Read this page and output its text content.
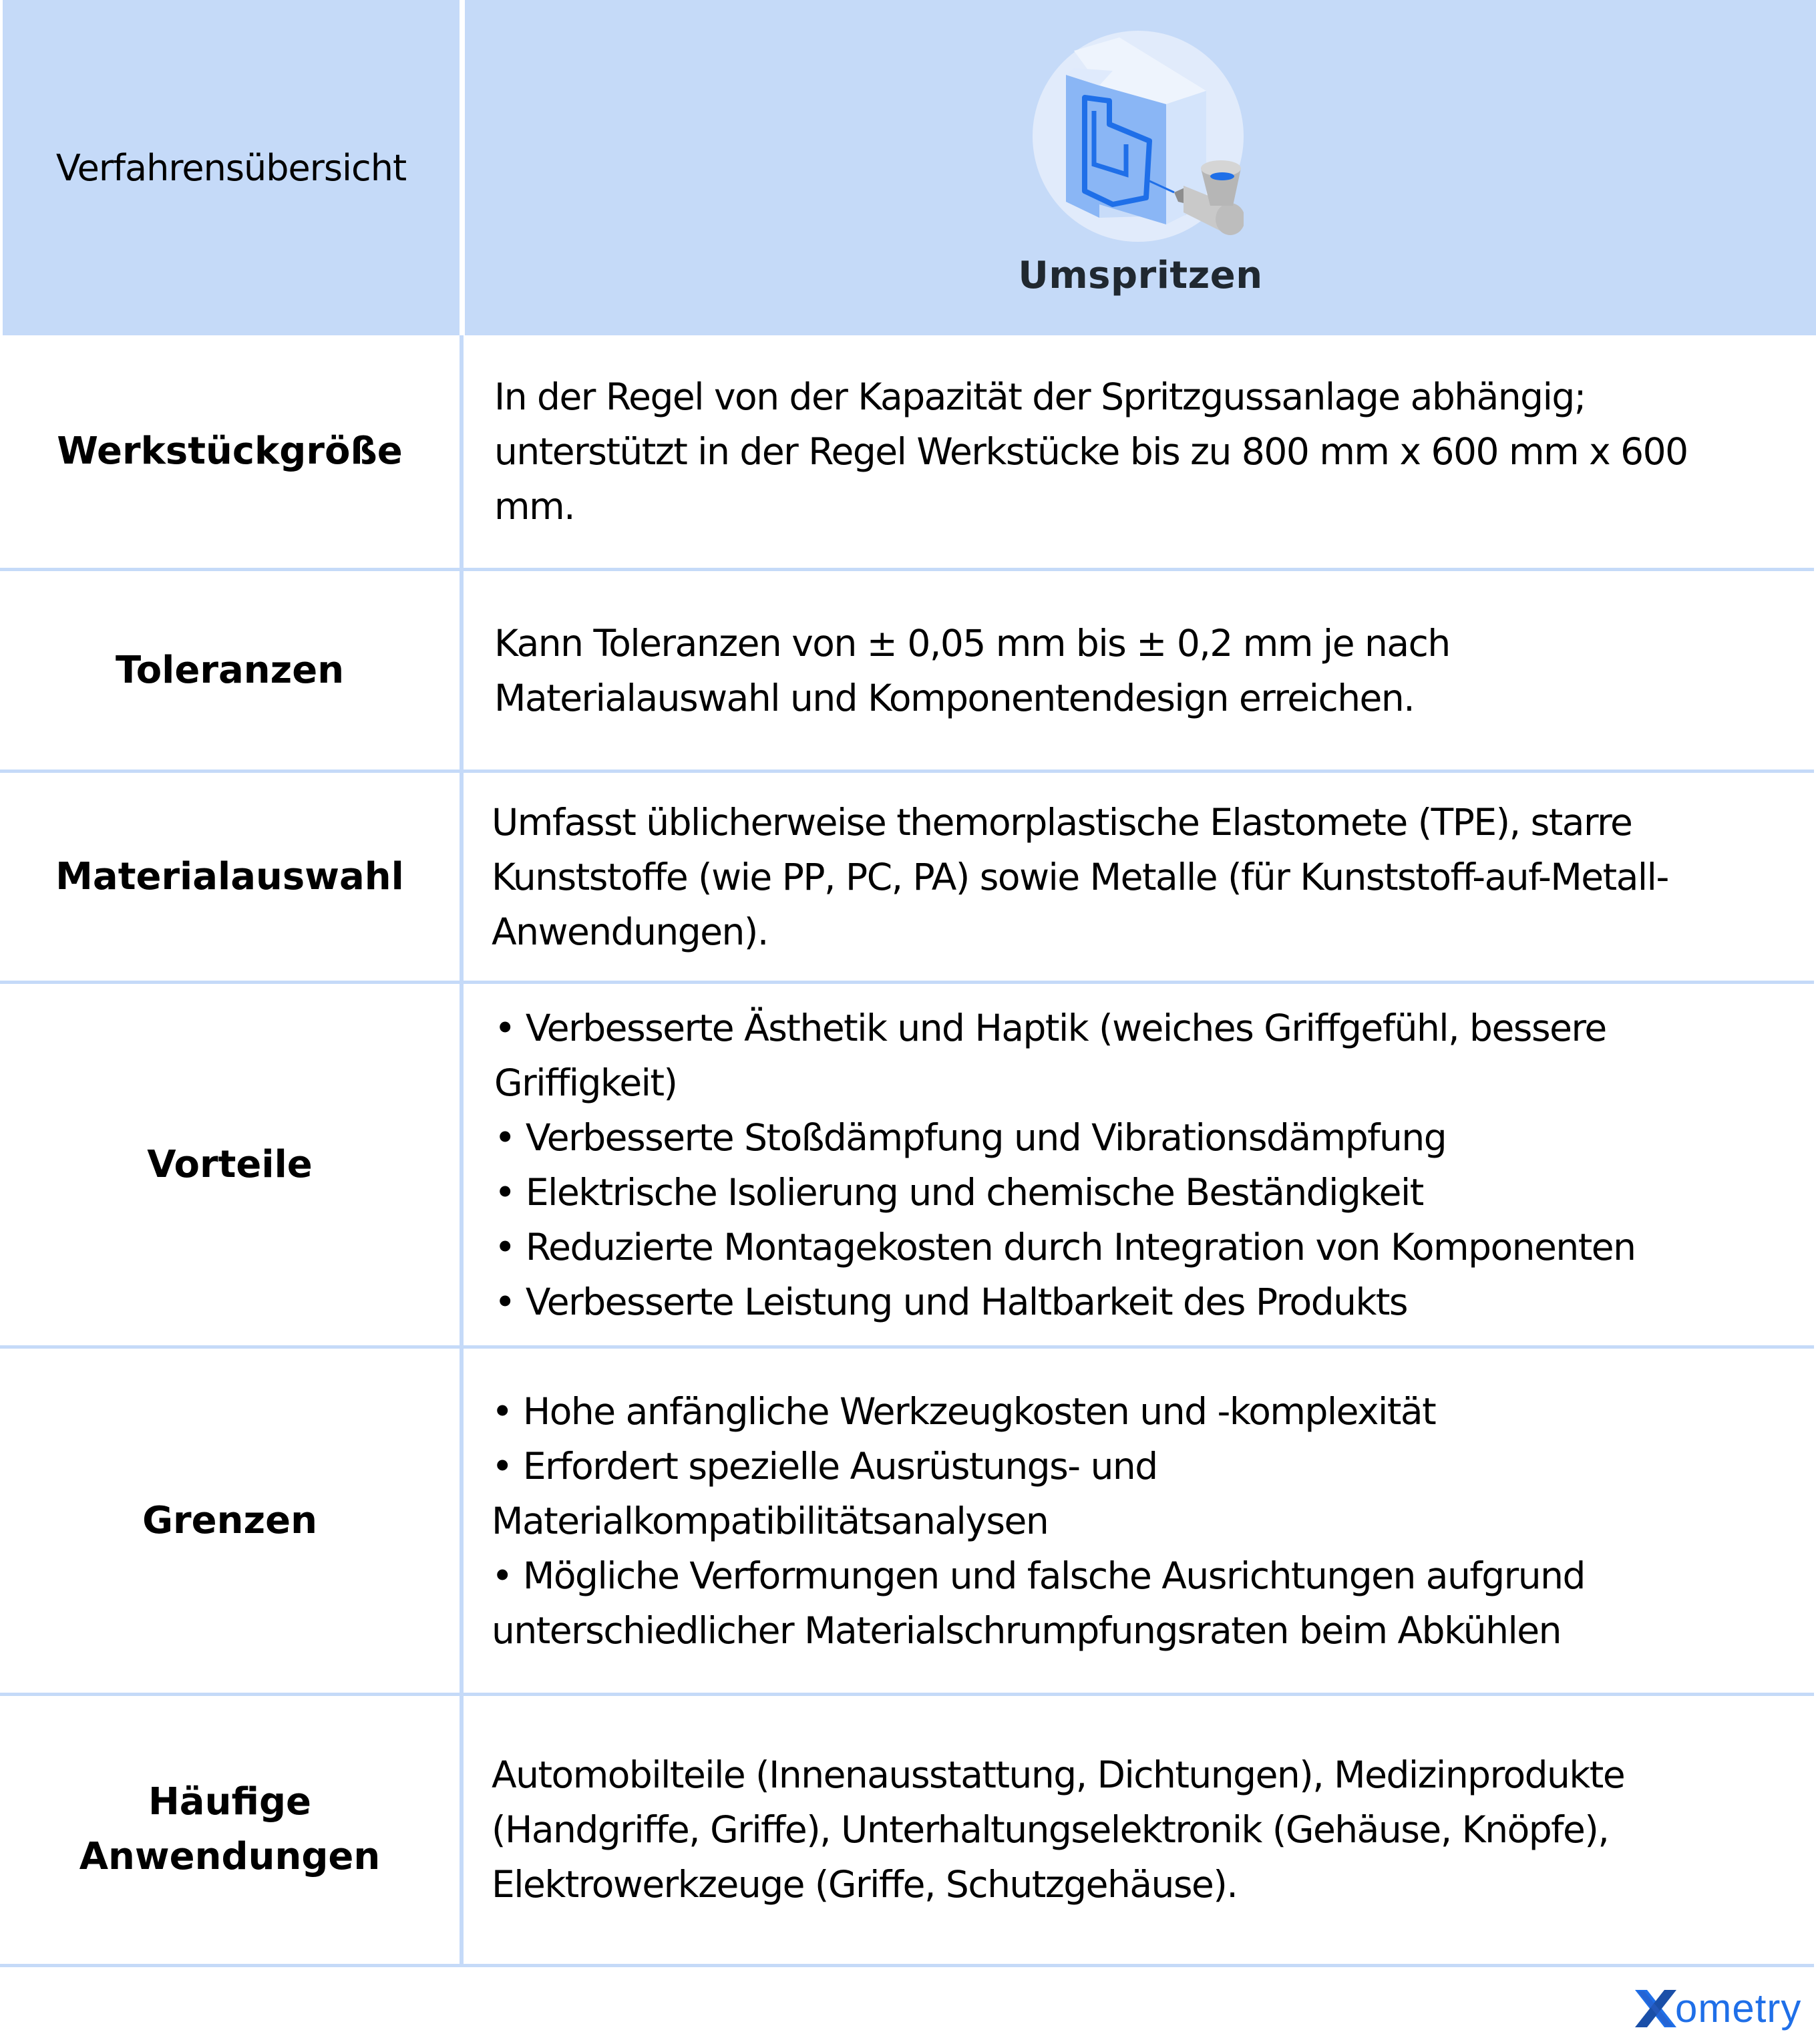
Verfahrensübersicht
Umspritzen
Werkstückgröße
In der Regel von der Kapazität der Spritzgussanlage abhängig;
unterstützt in der Regel Werkstücke bis zu 800 mm x 600 mm x 600
mm.
Toleranzen
Kann Toleranzen von ± 0,05 mm bis ± 0,2 mm je nach
Materialauswahl und Komponentendesign erreichen.
Materialauswahl
Umfasst üblicherweise themorplastische Elastomete (TPE), starre
Kunststoffe (wie PP, PC, PA) sowie Metalle (für Kunststoff-auf-Metall-
Anwendungen).
Vorteile
• Verbesserte Ästhetik und Haptik (weiches Griffgefühl, bessere
Griffigkeit)
• Verbesserte Stoßdämpfung und Vibrationsdämpfung
• Elektrische Isolierung und chemische Beständigkeit
• Reduzierte Montagekosten durch Integration von Komponenten
• Verbesserte Leistung und Haltbarkeit des Produkts
Grenzen
• Hohe anfängliche Werkzeugkosten und -komplexität
• Erfordert spezielle Ausrüstungs- und
Materialkompatibilitätsanalysen
• Mögliche Verformungen und falsche Ausrichtungen aufgrund
unterschiedlicher Materialschrumpfungsraten beim Abkühlen
Häufige
Anwendungen
Automobilteile (Innenausstattung, Dichtungen), Medizinprodukte
(Handgriffe, Griffe), Unterhaltungselektronik (Gehäuse, Knöpfe),
Elektrowerkzeuge (Griffe, Schutzgehäuse).
ometry
